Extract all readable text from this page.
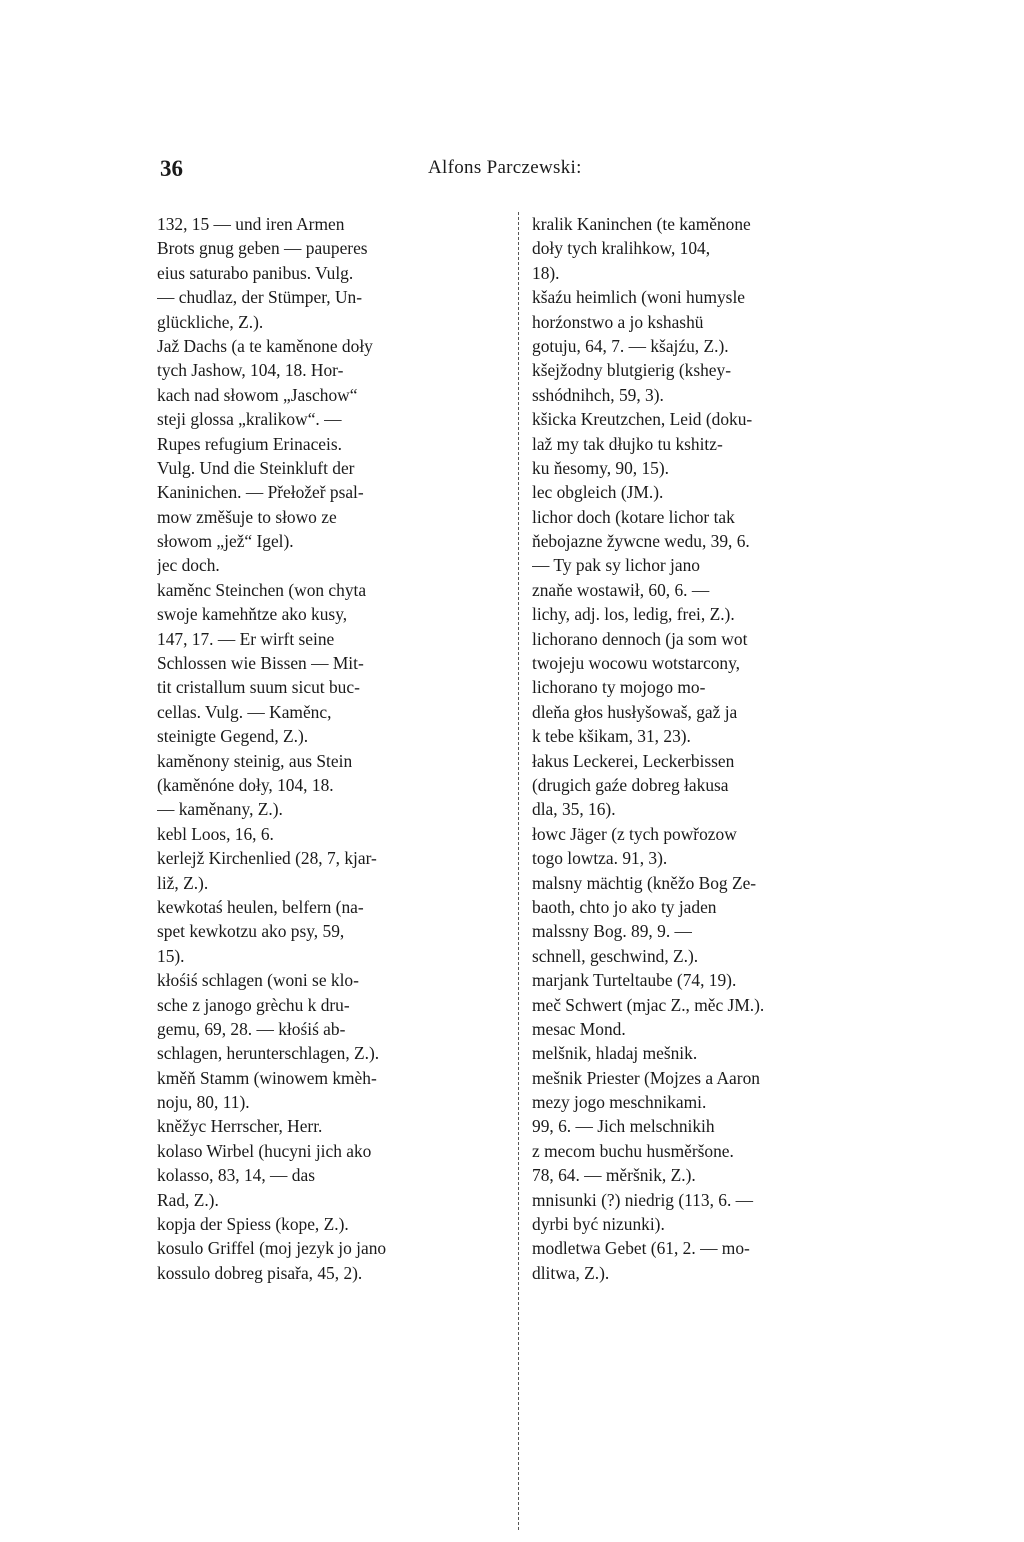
36	Alfons Parczewski:
132, 15 — und iren Armen
Brots gnug geben — pauperes
eius saturabo panibus. Vulg.
— chudlaz, der Stümper, Un-
glückliche, Z.).
Jaž Dachs (a te kaměnone doły
tych Jashow, 104, 18. Hor-
kach nad słowom „Jaschow“
steji glossa „kralikow“. —
Rupes refugium Erinaceis.
Vulg. Und die Steinkluft der
Kaninichen. — Přełožeř psal-
mow změšuje to słowo ze
słowom „jež“ Igel).
jec doch.
kaměnc Steinchen (won chyta
swoje kamehňtze ako kusy,
147, 17. — Er wirft seine
Schlossen wie Bissen — Mit-
tit cristallum suum sicut buc-
cellas. Vulg. — Kaměnc,
steinigte Gegend, Z.).
kaměnony steinig, aus Stein
(kaměnóne doły, 104, 18.
— kaměnany, Z.).
kebl Loos, 16, 6.
kerlejž Kirchenlied (28, 7, kjar-
liž, Z.).
kewkotaś heulen, belfern (na-
spet kewkotzu ako psy, 59,
15).
kłośiś schlagen (woni se klo-
sche z janogo grèchu k dru-
gemu, 69, 28. — kłośiś ab-
schlagen, herunterschlagen, Z.).
kměň Stamm (winowem kmèh-
noju, 80, 11).
kněžyc Herrscher, Herr.
kolaso Wirbel (hucyni jich ako
kolasso, 83, 14, — das
Rad, Z.).
kopja der Spiess (kope, Z.).
kosulo Griffel (moj jezyk jo jano
kossulo dobreg pisařa, 45, 2).
kralik Kaninchen (te kaměnone
doły tych kralihkow, 104,
18).
kšaźu heimlich (woni humysle
horźonstwo a jo kshashü
gotuju, 64, 7. — kšajźu, Z.).
kšejžodny blutgierig (ksheу-
sshódnihch, 59, 3).
kšicka Kreutzchen, Leid (doku-
laž my tak dłujko tu kshitz-
ku ňesomy, 90, 15).
lec obgleich (JM.).
lichor doch (kotare lichor tak
ňebojazne žywcne wedu, 39, 6.
— Ty pak sy lichor jano
znaňe wostawił, 60, 6. —
lichy, adj. los, ledig, frei, Z.).
lichorano dennoch (ja som wot
twojeju wocowu wotstarcony,
lichorano ty mojogo mo-
dleňa głos husłyšowaš, gaž ja
k tebe kšikam, 31, 23).
łakus Leckerei, Leckerbissen
(drugich gaźe dobreg łakusa
dla, 35, 16).
łowc Jäger (z tych powřozow
togo lowtza. 91, 3).
malsny mächtig (kněžo Bog Ze-
baoth, chto jo ako ty jaden
malssny Bog. 89, 9. —
schnell, geschwind, Z.).
marjank Turteltaube (74, 19).
meč Schwert (mjac Z., měc JM.).
mesac Mond.
melšnik, hladaj mešnik.
mešnik Priester (Mojzes a Aaron
mezy jogo meschnikami.
99, 6. — Jich melschnikih
z mecom buchu husměršone.
78, 64. — měršnik, Z.).
mnisunki (?) niedrig (113, 6. —
dyrbi być nizunki).
modletwa Gebet (61, 2. — mo-
dlitwa, Z.).
